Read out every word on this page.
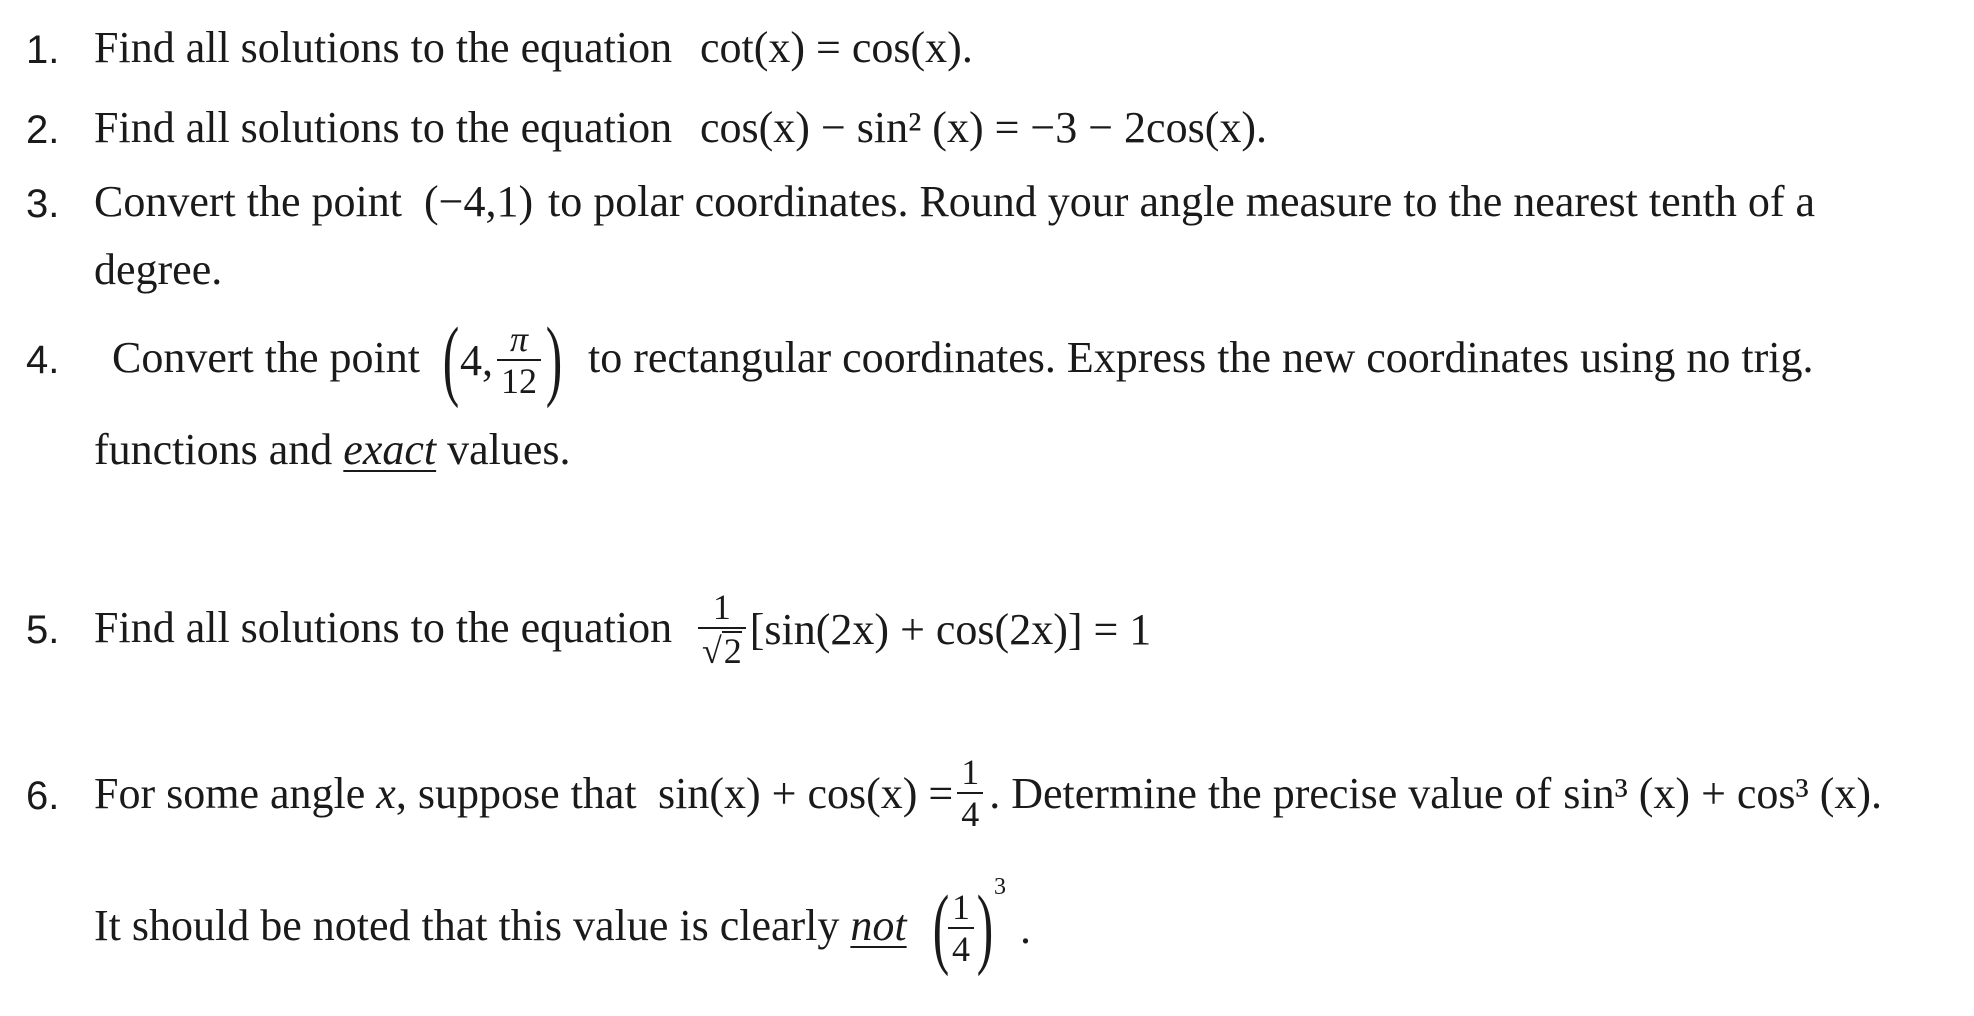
1. Find all solutions to the equation cot(x) = cos(x).
2. Find all solutions to the equation cos(x) − sin² (x) = −3 − 2cos(x).
3. Convert the point (−4,1) to polar coordinates. Round your angle measure to the nearest tenth of a
degree.
4. Convert the point ( 4, $\frac{\pi}{12}$ ) to rectangular coordinates. Express the new coordinates using no trig.
functions and exact values.
5. Find all solutions to the equation $\frac{1}{√2} [\sin(2x) + \cos(2x)] = 1$
6. For some angle x, suppose that $\sin(x) + \cos(x) = \frac{1}{4}$ . Determine the precise value of sin³ (x) + cos³ (x).
It should be noted that this value is clearly not (
$\frac{1}{4}$ ) 3
.
